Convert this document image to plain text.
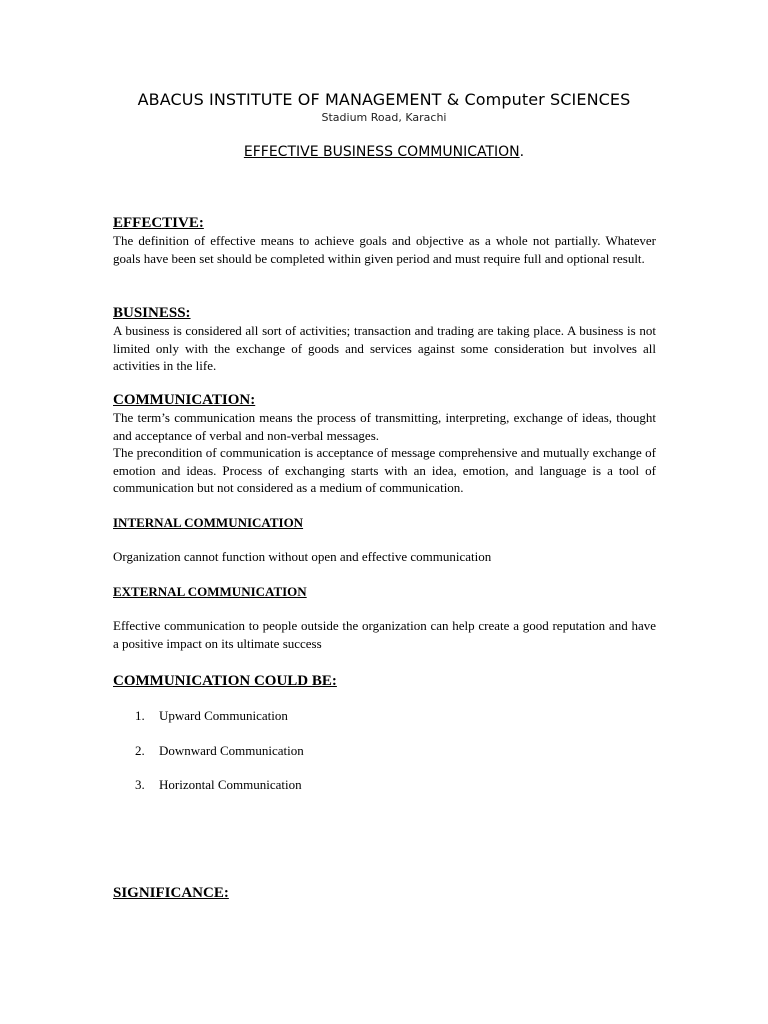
ABACUS INSTITUTE OF MANAGEMENT & Computer SCIENCES
Stadium Road, Karachi
EFFECTIVE BUSINESS COMMUNICATION.
EFFECTIVE:

The definition of effective means to achieve goals and objective as a whole not partially. Whatever goals have been set should be completed within given period and must require full and optional result.

BUSINESS:

A business is considered all sort of activities; transaction and trading are taking place. A business is not limited only with the exchange of goods and services against some consideration but involves all activities in the life.

COMMUNICATION:

The term’s communication means the process of transmitting, interpreting, exchange of ideas, thought and acceptance of verbal and non-verbal messages.

The precondition of communication is acceptance of message comprehensive and mutually exchange of emotion and ideas. Process of exchanging starts with an idea, emotion, and language is a tool of communication but not considered as a medium of communication.

INTERNAL COMMUNICATION

Organization cannot function without open and effective communication

EXTERNAL COMMUNICATION

Effective communication to people outside the organization can help create a good reputation and have a positive impact on its ultimate success

COMMUNICATION COULD BE:
1. Upward Communication
2. Downward Communication
3. Horizontal Communication
SIGNIFICANCE:
